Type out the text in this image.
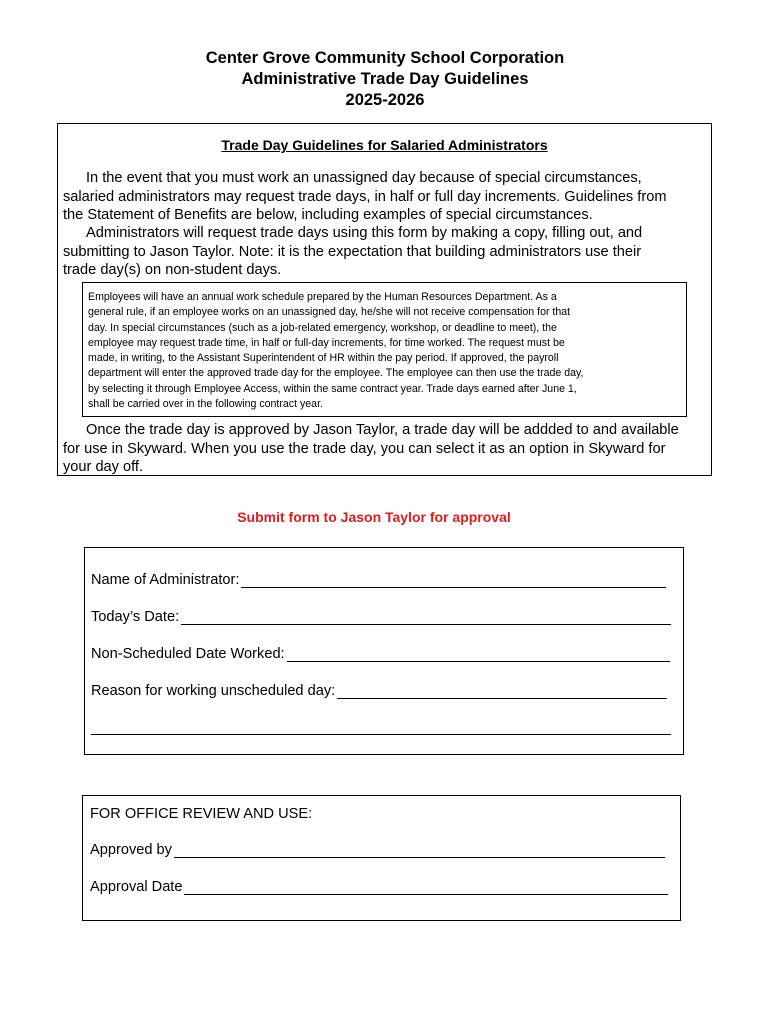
Center Grove Community School Corporation
Administrative Trade Day Guidelines
2025-2026
Trade Day Guidelines for Salaried Administrators
In the event that you must work an unassigned day because of special circumstances,
salaried administrators may request trade days, in half or full day increments. Guidelines from
the Statement of Benefits are below, including examples of special circumstances.
Administrators will request trade days using this form by making a copy, filling out, and
submitting to Jason Taylor. Note: it is the expectation that building administrators use their
trade day(s) on non-student days.
Employees will have an annual work schedule prepared by the Human Resources Department. As a
general rule, if an employee works on an unassigned day, he/she will not receive compensation for that
day. In special circumstances (such as a job-related emergency, workshop, or deadline to meet), the
employee may request trade time, in half or full-day increments, for time worked. The request must be
made, in writing, to the Assistant Superintendent of HR within the pay period. If approved, the payroll
department will enter the approved trade day for the employee. The employee can then use the trade day,
by selecting it through Employee Access, within the same contract year. Trade days earned after June 1,
shall be carried over in the following contract year.
Once the trade day is approved by Jason Taylor, a trade day will be addded to and available
for use in Skyward. When you use the trade day, you can select it as an option in Skyward for
your day off.
Submit form to Jason Taylor for approval
Name of Administrator:
Today’s Date:
Non-Scheduled Date Worked:
Reason for working unscheduled day:
FOR OFFICE REVIEW AND USE:
Approved by
Approval Date
